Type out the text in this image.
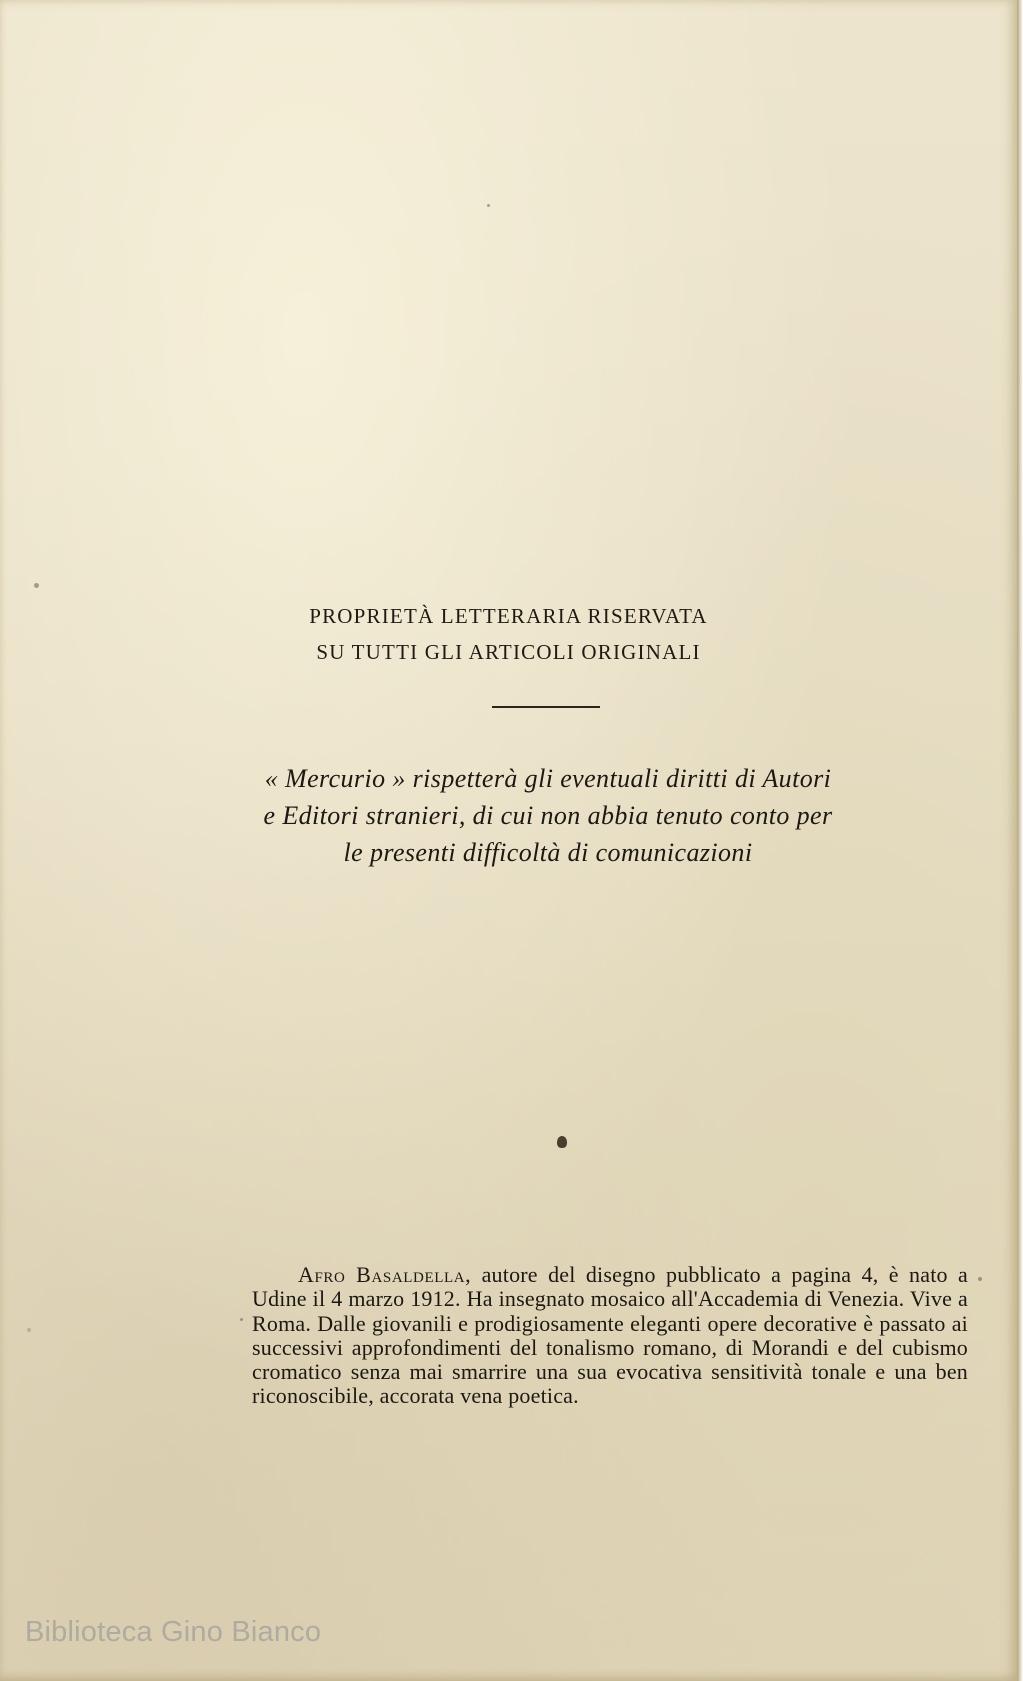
PROPRIETÀ LETTERARIA RISERVATA
SU TUTTI GLI ARTICOLI ORIGINALI
« Mercurio » rispetterà gli eventuali diritti di Autori
e Editori stranieri, di cui non abbia tenuto conto per
le presenti difficoltà di comunicazioni
Afro Basaldella, autore del disegno pubblicato a pagina 4, è nato a Udine il 4 marzo 1912. Ha insegnato mosaico all'Accademia di Venezia. Vive a Roma. Dalle giovanili e prodigiosamente eleganti opere decorative è passato ai successivi approfondimenti del tonalismo romano, di Morandi e del cubismo cromatico senza mai smarrire una sua evocativa sensitività tonale e una ben riconoscibile, accorata vena poetica.
Biblioteca Gino Bianco
